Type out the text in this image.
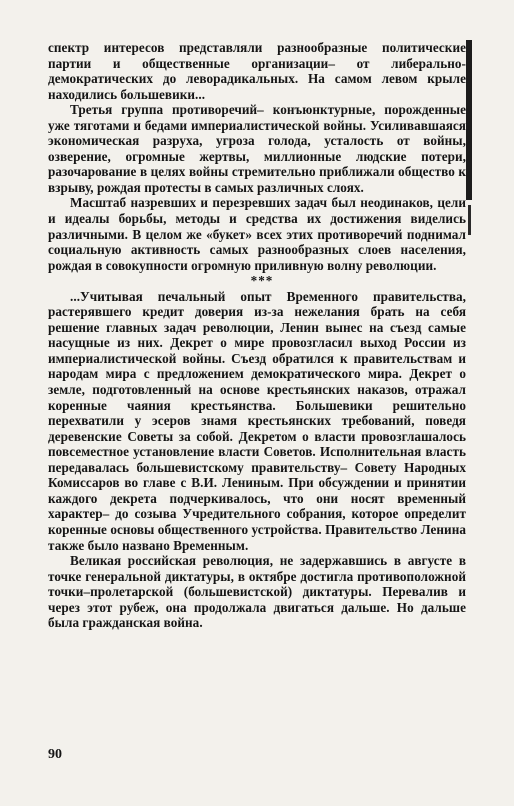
спектр интересов представляли разнообразные политические партии и общественные организации– от либерально-демократических до леворадикальных. На самом левом крыле находились большевики...

Третья группа противоречий– конъюнктурные, порожденные уже тяготами и бедами империалистической войны. Усиливавшаяся экономическая разруха, угроза голода, усталость от войны, озверение, огромные жертвы, миллионные людские потери, разочарование в целях войны стремительно приближали общество к взрыву, рождая протесты в самых различных слоях.

Масштаб назревших и перезревших задач был неодинаков, цели и идеалы борьбы, методы и средства их достижения виделись различными. В целом же «букет» всех этих противоречий поднимал социальную активность самых разнообразных слоев населения, рождая в совокупности огромную приливную волну революции.

***

...Учитывая печальный опыт Временного правительства, растерявшего кредит доверия из-за нежелания брать на себя решение главных задач революции, Ленин вынес на съезд самые насущные из них. Декрет о мире провозгласил выход России из империалистической войны. Съезд обратился к правительствам и народам мира с предложением демократического мира. Декрет о земле, подготовленный на основе крестьянских наказов, отражал коренные чаяния крестьянства. Большевики решительно перехватили у эсеров знамя крестьянских требований, поведя деревенские Советы за собой. Декретом о власти провозглашалось повсеместное установление власти Советов. Исполнительная власть передавалась большевистскому правительству– Совету Народных Комиссаров во главе с В.И. Лениным. При обсуждении и принятии каждого декрета подчеркивалось, что они носят временный характер– до созыва Учредительного собрания, которое определит коренные основы общественного устройства. Правительство Ленина также было названо Временным.

Великая российская революция, не задержавшись в августе в точке генеральной диктатуры, в октябре достигла противоположной точки–пролетарской (большевистской) диктатуры. Перевалив и через этот рубеж, она продолжала двигаться дальше. Но дальше была гражданская война.

90
